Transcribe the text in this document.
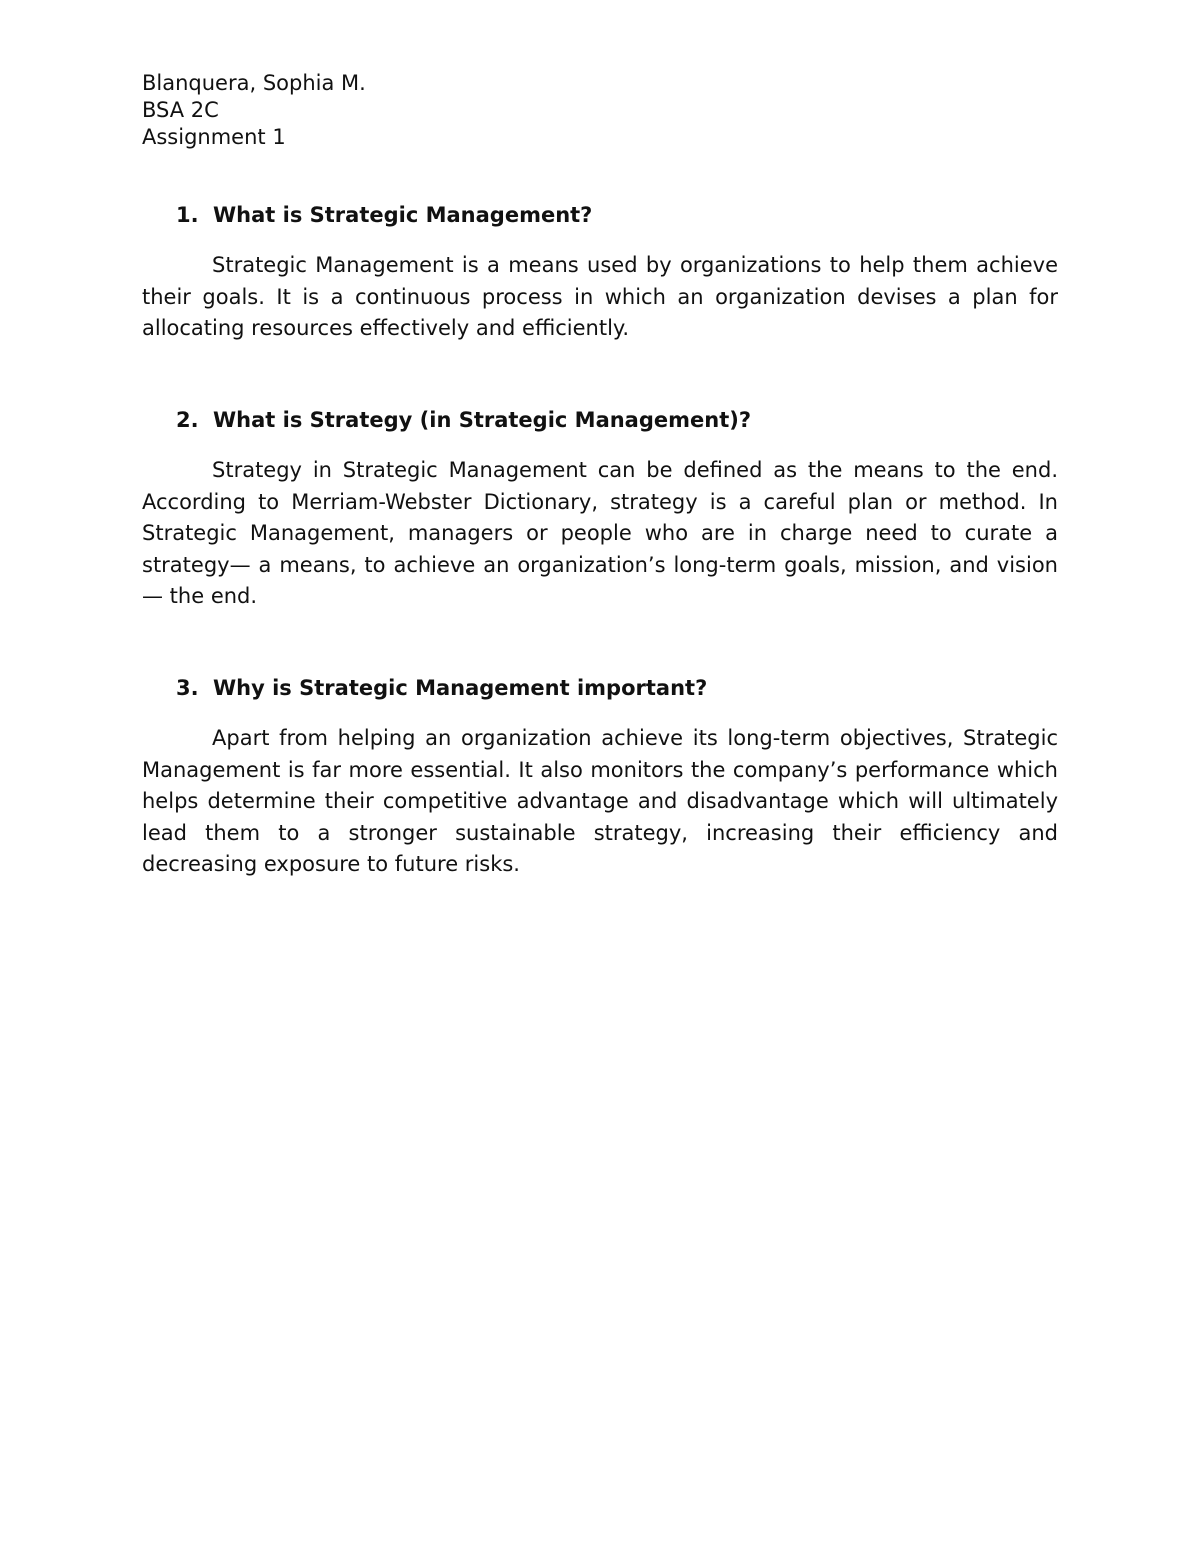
Blanquera, Sophia M.
BSA 2C
Assignment 1
1. What is Strategic Management?

Strategic Management is a means used by organizations to help them achieve their goals. It is a continuous process in which an organization devises a plan for allocating resources effectively and efficiently.

2. What is Strategy (in Strategic Management)?

Strategy in Strategic Management can be defined as the means to the end. According to Merriam-Webster Dictionary, strategy is a careful plan or method. In Strategic Management, managers or people who are in charge need to curate a strategy— a means, to achieve an organization’s long-term goals, mission, and vision— the end.

3. Why is Strategic Management important?

Apart from helping an organization achieve its long-term objectives, Strategic Management is far more essential. It also monitors the company’s performance which helps determine their competitive advantage and disadvantage which will ultimately lead them to a stronger sustainable strategy, increasing their efficiency and decreasing exposure to future risks.
